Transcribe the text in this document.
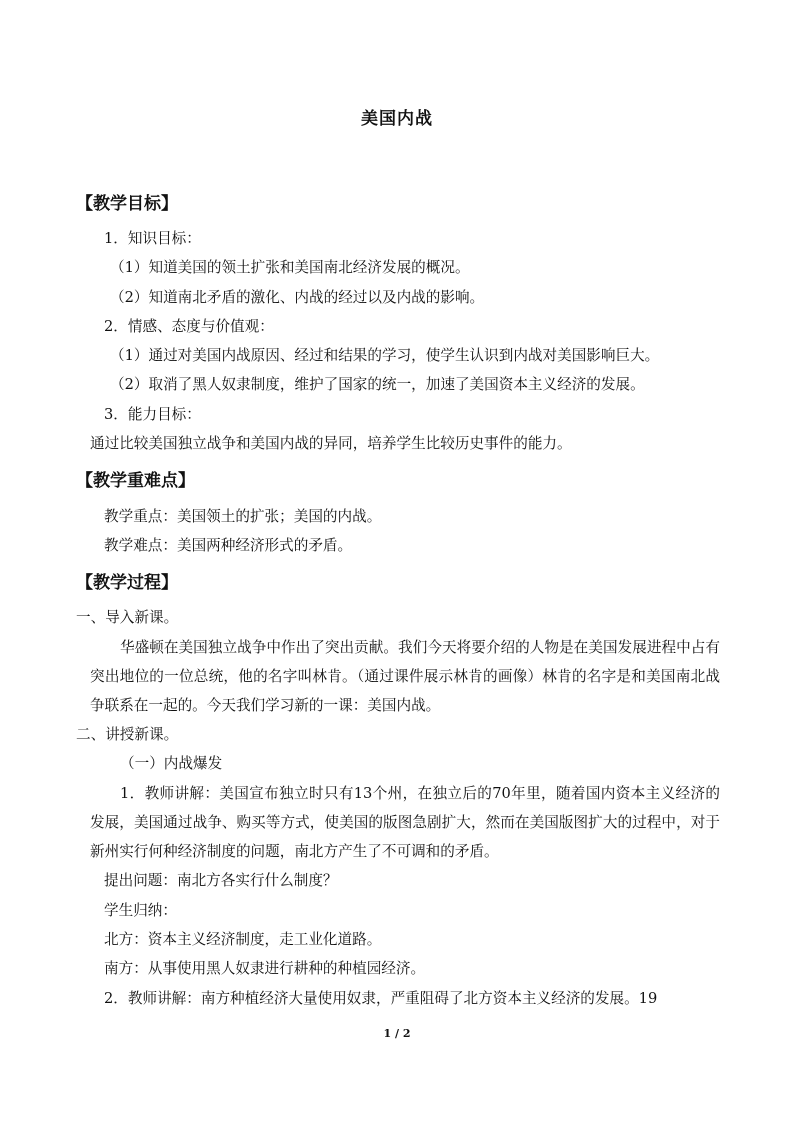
美国内战
【教学目标】
1．知识目标：
（1）知道美国的领土扩张和美国南北经济发展的概况。
（2）知道南北矛盾的激化、内战的经过以及内战的影响。
2．情感、态度与价值观：
（1）通过对美国内战原因、经过和结果的学习，使学生认识到内战对美国影响巨大。
（2）取消了黑人奴隶制度，维护了国家的统一，加速了美国资本主义经济的发展。
3．能力目标：
通过比较美国独立战争和美国内战的异同，培养学生比较历史事件的能力。
【教学重难点】
教学重点：美国领土的扩张；美国的内战。
教学难点：美国两种经济形式的矛盾。
【教学过程】
一、导入新课。
华盛顿在美国独立战争中作出了突出贡献。我们今天将要介绍的人物是在美国发展进程中占有突出地位的一位总统，他的名字叫林肯。（通过课件展示林肯的画像）林肯的名字是和美国南北战争联系在一起的。今天我们学习新的一课：美国内战。
二、讲授新课。
（一）内战爆发
1．教师讲解：美国宣布独立时只有13个州，在独立后的70年里，随着国内资本主义经济的发展，美国通过战争、购买等方式，使美国的版图急剧扩大，然而在美国版图扩大的过程中，对于新州实行何种经济制度的问题，南北方产生了不可调和的矛盾。
提出问题：南北方各实行什么制度？
学生归纳：
北方：资本主义经济制度，走工业化道路。
南方：从事使用黑人奴隶进行耕种的种植园经济。
2．教师讲解：南方种植经济大量使用奴隶，严重阻碍了北方资本主义经济的发展。19
1 / 2
